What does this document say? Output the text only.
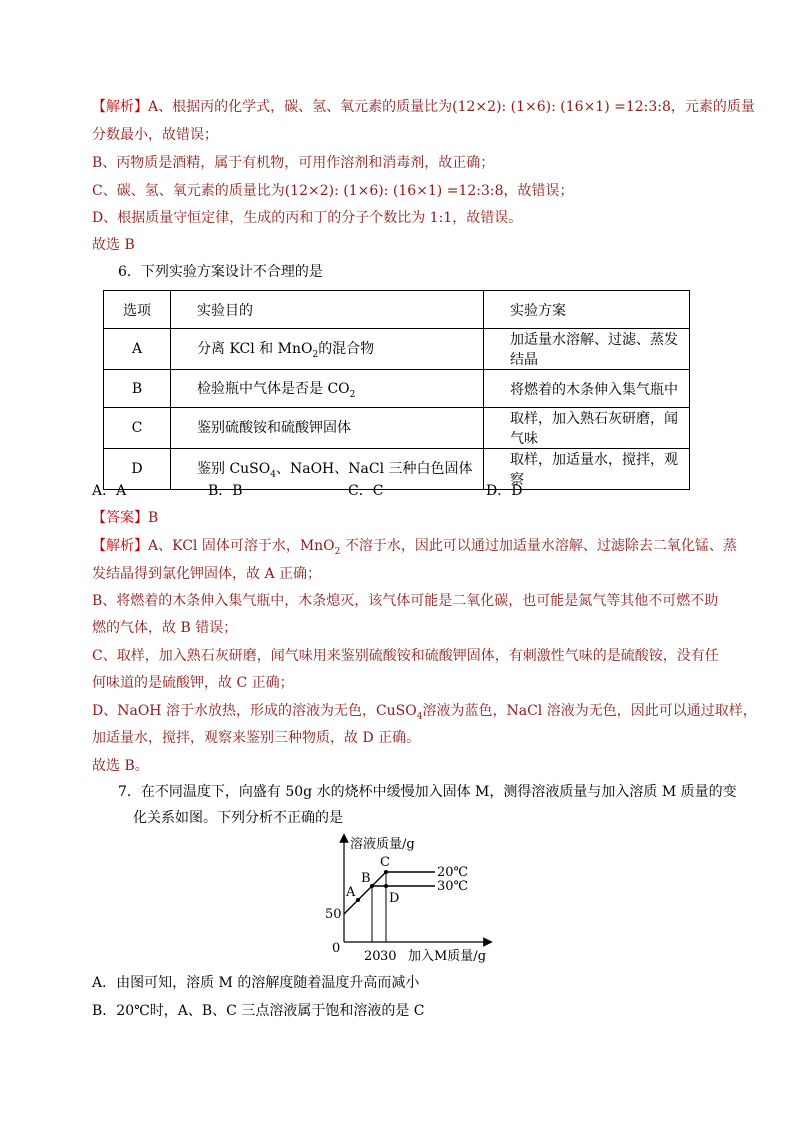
【解析】A、根据丙的化学式，碳、氢、氧元素的质量比为(12×2): (1×6): (16×1) =12:3:8，元素的质量
分数最小，故错误；
B、丙物质是酒精，属于有机物，可用作溶剂和消毒剂，故正确；
C、碳、氢、氧元素的质量比为(12×2): (1×6): (16×1) =12:3:8，故错误；
D、根据质量守恒定律，生成的丙和丁的分子个数比为 1:1，故错误。
故选 B
6．下列实验方案设计不合理的是
选项	实验目的	实验方案
A	分离 KCl 和 MnO$_2$的混合物	加适量水溶解、过滤、蒸发结晶
B	检验瓶中气体是否是 $CO_2$	将燃着的木条伸入集气瓶中
C	鉴别硫酸铵和硫酸钾固体	取样，加入熟石灰研磨，闻气味
D	鉴别 CuSO$_4$、NaOH、NaCl 三种白色固体	取样，加适量水，搅拌，观察
A．A	B．B	C．C	D．D
【答案】B
【解析】A、KCl 固体可溶于水，MnO$_2$ 不溶于水，因此可以通过加适量水溶解、过滤除去二氧化锰、蒸
发结晶得到氯化钾固体，故 A 正确；
B、将燃着的木条伸入集气瓶中，木条熄灭，该气体可能是二氧化碳，也可能是氮气等其他不可燃不助
燃的气体，故 B 错误；
C、取样，加入熟石灰研磨，闻气味用来鉴别硫酸铵和硫酸钾固体，有刺激性气味的是硫酸铵，没有任
何味道的是硫酸钾，故 C 正确；
D、NaOH 溶于水放热，形成的溶液为无色，CuSO$_4$溶液为蓝色，NaCl 溶液为无色，因此可以通过取样，
加适量水，搅拌，观察来鉴别三种物质，故 D 正确。
故选 B。
7．在不同温度下，向盛有 50g 水的烧杯中缓慢加入固体 M，测得溶液质量与加入溶质 M 质量的变
化关系如图。下列分析不正确的是
溶液质量/g
加入M质量/g
0
50
20 30
A
B
C
D
20℃
30℃
A．由图可知，溶质 M 的溶解度随着温度升高而减小
B．20℃时，A、B、C 三点溶液属于饱和溶液的是 C
